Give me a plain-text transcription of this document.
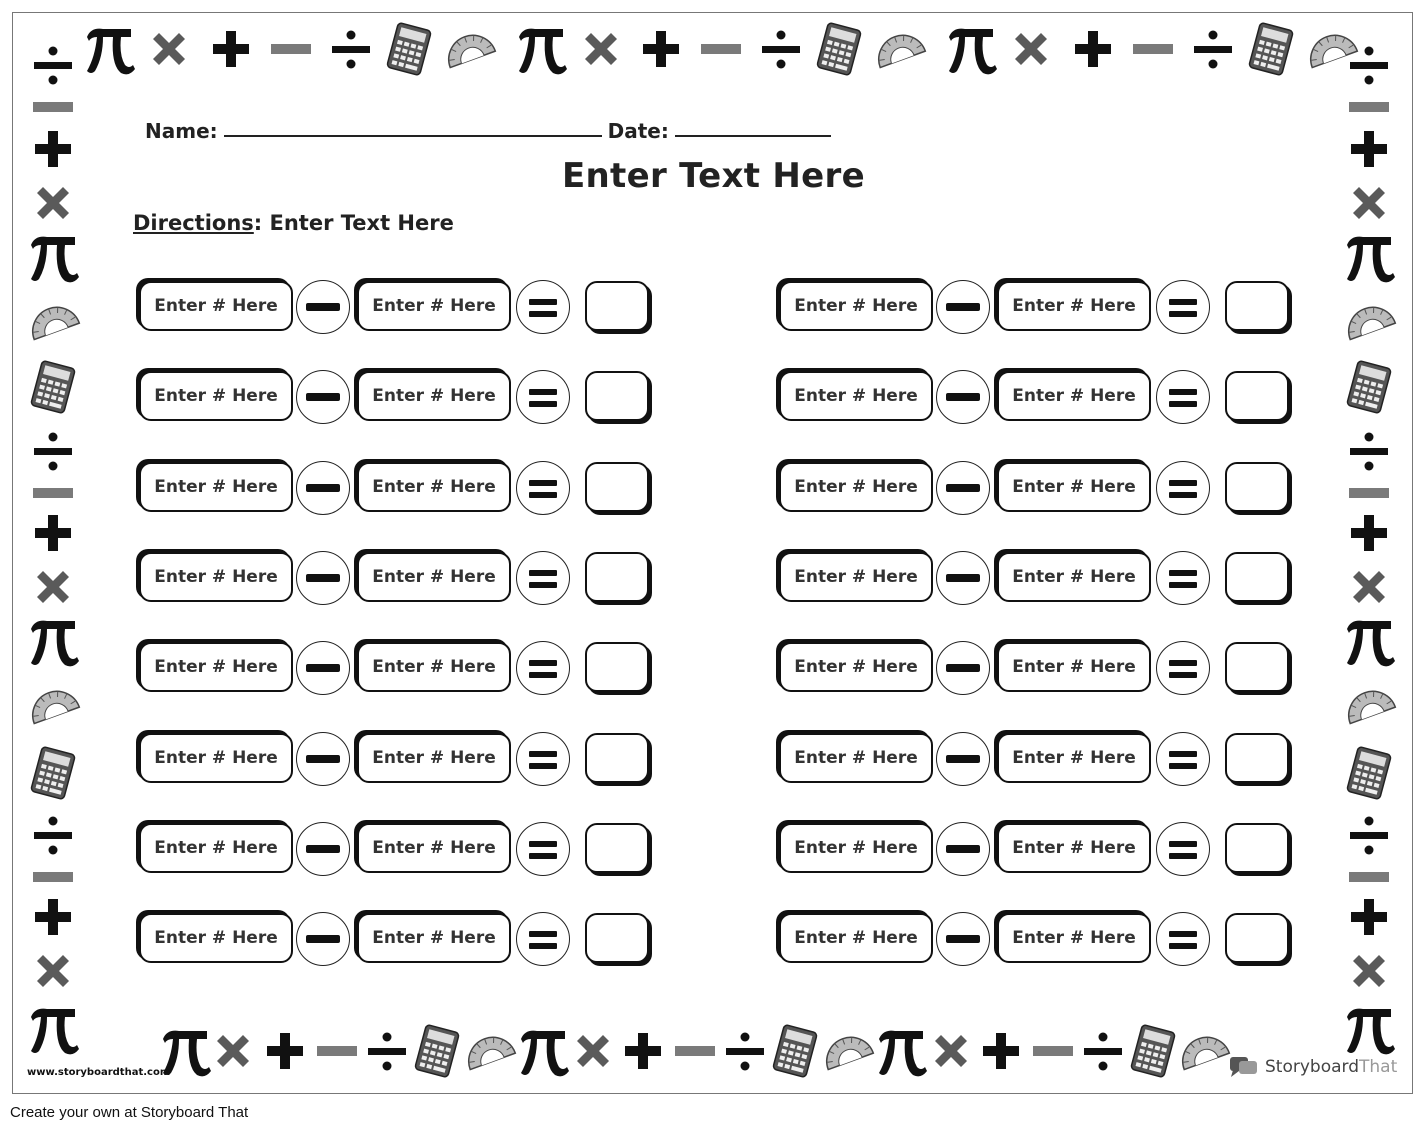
Name:	Date:
Enter Text Here
Directions: Enter Text Here
Enter # Here	Enter # Here
Enter # Here	Enter # Here
Enter # Here	Enter # Here
Enter # Here	Enter # Here
Enter # Here	Enter # Here
Enter # Here	Enter # Here
Enter # Here	Enter # Here
Enter # Here	Enter # Here
Enter # Here	Enter # Here
Enter # Here	Enter # Here
Enter # Here	Enter # Here
Enter # Here	Enter # Here
Enter # Here	Enter # Here
Enter # Here	Enter # Here
Enter # Here	Enter # Here
Enter # Here	Enter # Here
www.storyboardthat.com	StoryboardThat
Create your own at Storyboard That
